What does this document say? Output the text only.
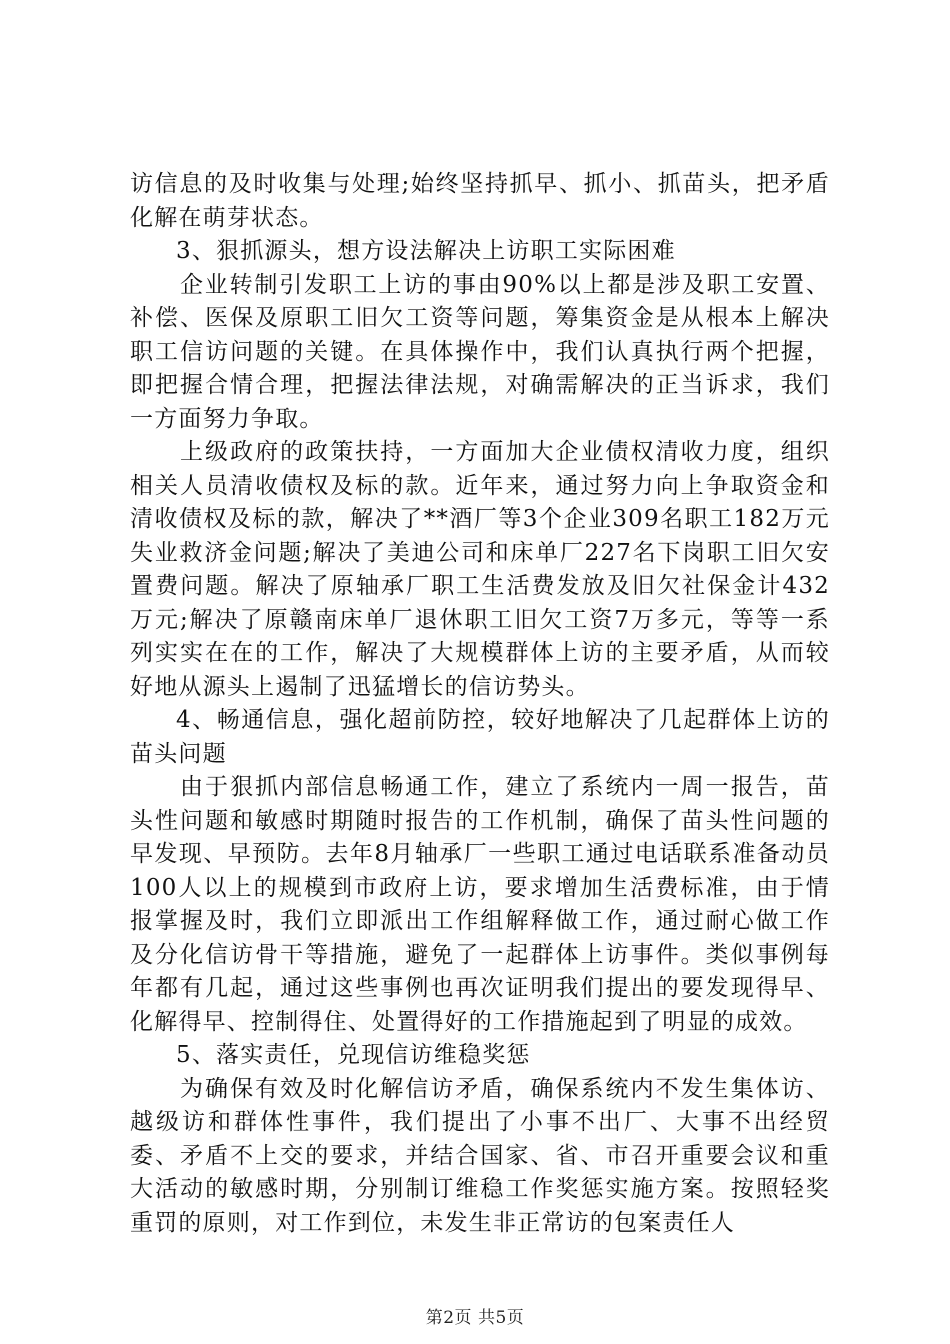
访信息的及时收集与处理;始终坚持抓早、抓小、抓苗头，把矛盾化解在萌芽状态。

3、狠抓源头，想方设法解决上访职工实际困难

企业转制引发职工上访的事由90%以上都是涉及职工安置、补偿、医保及原职工旧欠工资等问题，筹集资金是从根本上解决职工信访问题的关键。在具体操作中，我们认真执行两个把握，即把握合情合理，把握法律法规，对确需解决的正当诉求，我们一方面努力争取。

上级政府的政策扶持，一方面加大企业债权清收力度，组织相关人员清收债权及标的款。近年来，通过努力向上争取资金和清收债权及标的款，解决了**酒厂等3个企业309名职工182万元失业救济金问题;解决了美迪公司和床单厂227名下岗职工旧欠安置费问题。解决了原轴承厂职工生活费发放及旧欠社保金计432万元;解决了原赣南床单厂退休职工旧欠工资7万多元，等等一系列实实在在的工作，解决了大规模群体上访的主要矛盾，从而较好地从源头上遏制了迅猛增长的信访势头。

4、畅通信息，强化超前防控，较好地解决了几起群体上访的苗头问题

由于狠抓内部信息畅通工作，建立了系统内一周一报告，苗头性问题和敏感时期随时报告的工作机制，确保了苗头性问题的早发现、早预防。去年8月轴承厂一些职工通过电话联系准备动员100人以上的规模到市政府上访，要求增加生活费标准，由于情报掌握及时，我们立即派出工作组解释做工作，通过耐心做工作及分化信访骨干等措施，避免了一起群体上访事件。类似事例每年都有几起，通过这些事例也再次证明我们提出的要发现得早、化解得早、控制得住、处置得好的工作措施起到了明显的成效。

5、落实责任，兑现信访维稳奖惩

为确保有效及时化解信访矛盾，确保系统内不发生集体访、越级访和群体性事件，我们提出了小事不出厂、大事不出经贸委、矛盾不上交的要求，并结合国家、省、市召开重要会议和重大活动的敏感时期，分别制订维稳工作奖惩实施方案。按照轻奖重罚的原则，对工作到位，未发生非正常访的包案责任人

第2页 共5页
